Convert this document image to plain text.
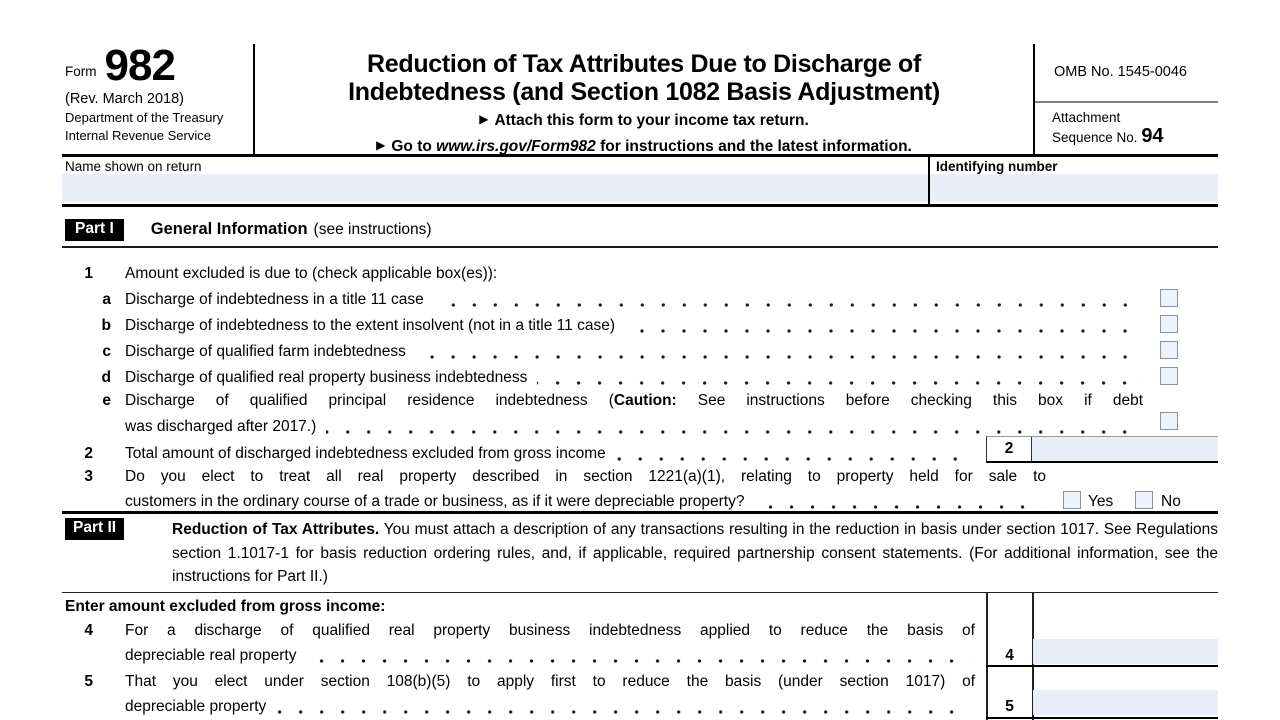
Form 982
(Rev. March 2018)
Department of the Treasury
Internal Revenue Service
Reduction of Tax Attributes Due to Discharge of
Indebtedness (and Section 1082 Basis Adjustment)
▶ Attach this form to your income tax return.
▶ Go to www.irs.gov/Form982 for instructions and the latest information.
OMB No. 1545-0046
Attachment
Sequence No. 94
Name shown on return	Identifying number
Part I	General Information (see instructions)
1 Amount excluded is due to (check applicable box(es)):
a Discharge of indebtedness in a title 11 case
b Discharge of indebtedness to the extent insolvent (not in a title 11 case)
c Discharge of qualified farm indebtedness
d Discharge of qualified real property business indebtedness
e Discharge of qualified principal residence indebtedness (Caution: See instructions before checking this box if debt
was discharged after 2017.)
2 Total amount of discharged indebtedness excluded from gross income	2
3 Do you elect to treat all real property described in section 1221(a)(1), relating to property held for sale to
customers in the ordinary course of a trade or business, as if it were depreciable property?	Yes	No
Part II	Reduction of Tax Attributes. You must attach a description of any transactions resulting in the reduction in basis under section 1017. See Regulations section 1.1017-1 for basis reduction ordering rules, and, if applicable, required partnership consent statements. (For additional information, see the instructions for Part II.)
Enter amount excluded from gross income:
4 For a discharge of qualified real property business indebtedness applied to reduce the basis of
depreciable real property	4
5 That you elect under section 108(b)(5) to apply first to reduce the basis (under section 1017) of
depreciable property	5
